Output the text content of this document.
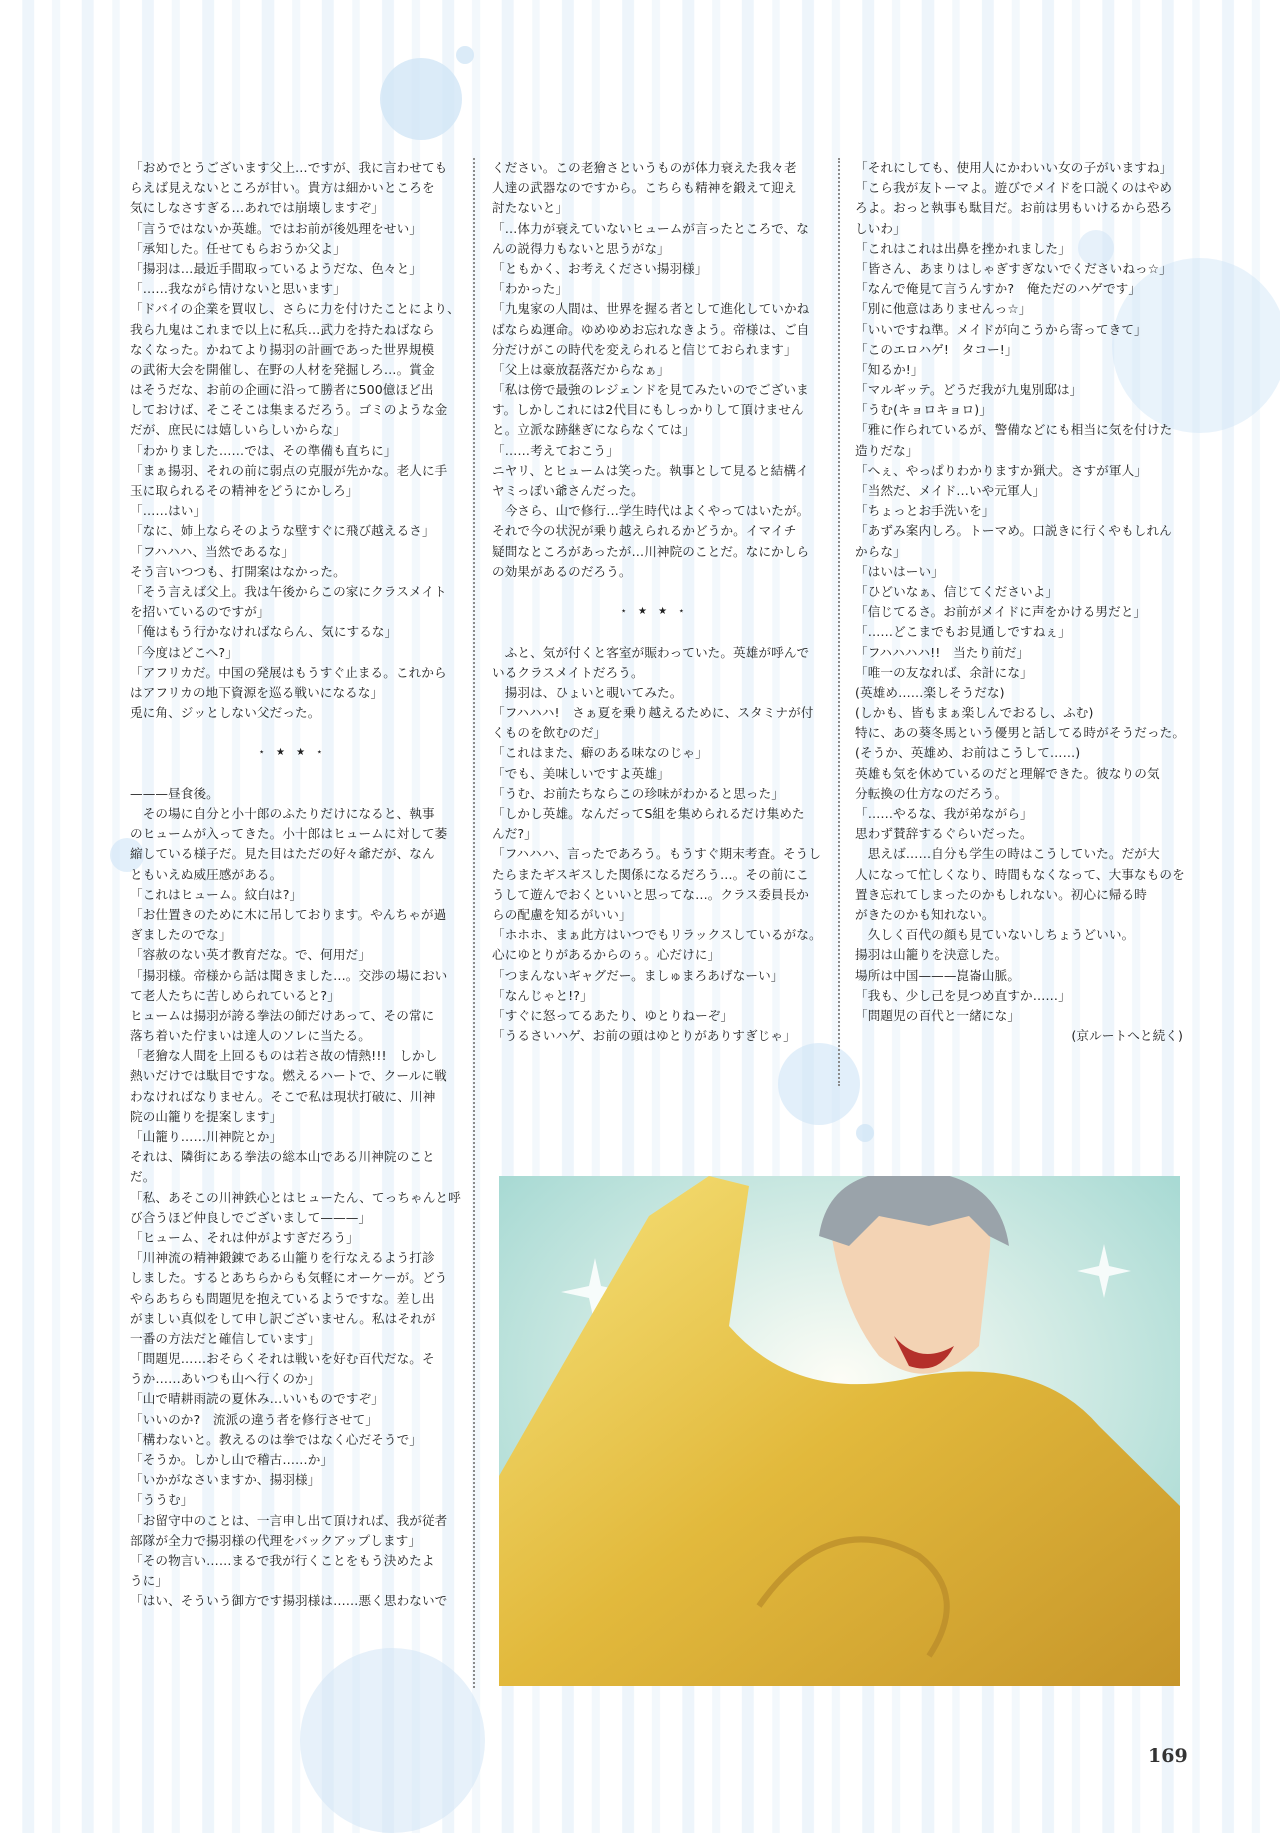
「おめでとうございます父上…ですが、我に言わせても
らえば見えないところが甘い。貴方は細かいところを
気にしなさすぎる…あれでは崩壊しますぞ」
「言うではないか英雄。ではお前が後処理をせい」
「承知した。任せてもらおうか父よ」
「揚羽は…最近手間取っているようだな、色々と」
「……我ながら情けないと思います」
「ドバイの企業を買収し、さらに力を付けたことにより、
我ら九鬼はこれまで以上に私兵…武力を持たねばなら
なくなった。かねてより揚羽の計画であった世界規模
の武術大会を開催し、在野の人材を発掘しろ…。賞金
はそうだな、お前の企画に沿って勝者に500億ほど出
しておけば、そこそこは集まるだろう。ゴミのような金
だが、庶民には嬉しいらしいからな」
「わかりました……では、その準備も直ちに」
「まぁ揚羽、それの前に弱点の克服が先かな。老人に手
玉に取られるその精神をどうにかしろ」
「……はい」
「なに、姉上ならそのような壁すぐに飛び越えるさ」
「フハハハ、当然であるな」
そう言いつつも、打開案はなかった。
「そう言えば父上。我は午後からこの家にクラスメイト
を招いているのですが」
「俺はもう行かなければならん、気にするな」
「今度はどこへ?」
「アフリカだ。中国の発展はもうすぐ止まる。これから
はアフリカの地下資源を巡る戦いになるな」
兎に角、ジッとしない父だった。
⋆ ★ ★ ⋆
———昼食後。
　その場に自分と小十郎のふたりだけになると、執事
のヒュームが入ってきた。小十郎はヒュームに対して萎
縮している様子だ。見た目はただの好々爺だが、なん
ともいえぬ威圧感がある。
「これはヒューム。紋白は?」
「お仕置きのために木に吊しております。やんちゃが過
ぎましたのでな」
「容赦のない英才教育だな。で、何用だ」
「揚羽様。帝様から話は聞きました…。交渉の場におい
て老人たちに苦しめられていると?」
ヒュームは揚羽が誇る拳法の師だけあって、その常に
落ち着いた佇まいは達人のソレに当たる。
「老獪な人間を上回るものは若さ故の情熱!!!　しかし
熱いだけでは駄目ですな。燃えるハートで、クールに戦
わなければなりません。そこで私は現状打破に、川神
院の山籠りを提案します」
「山籠り……川神院とか」
それは、隣街にある拳法の総本山である川神院のこと
だ。
「私、あそこの川神鉄心とはヒューたん、てっちゃんと呼
び合うほど仲良しでございまして———」
「ヒューム、それは仲がよすぎだろう」
「川神流の精神鍛錬である山籠りを行なえるよう打診
しました。するとあちらからも気軽にオーケーが。どう
やらあちらも問題児を抱えているようですな。差し出
がましい真似をして申し訳ございません。私はそれが
一番の方法だと確信しています」
「問題児……おそらくそれは戦いを好む百代だな。そ
うか……あいつも山へ行くのか」
「山で晴耕雨読の夏休み…いいものですぞ」
「いいのか?　流派の違う者を修行させて」
「構わないと。教えるのは拳ではなく心だそうで」
「そうか。しかし山で稽古……か」
「いかがなさいますか、揚羽様」
「ううむ」
「お留守中のことは、一言申し出て頂ければ、我が従者
部隊が全力で揚羽様の代理をバックアップします」
「その物言い……まるで我が行くことをもう決めたよ
うに」
「はい、そういう御方です揚羽様は……悪く思わないで
ください。この老獪さというものが体力衰えた我々老
人達の武器なのですから。こちらも精神を鍛えて迎え
討たないと」
「…体力が衰えていないヒュームが言ったところで、な
んの説得力もないと思うがな」
「ともかく、お考えください揚羽様」
「わかった」
「九鬼家の人間は、世界を握る者として進化していかね
ばならぬ運命。ゆめゆめお忘れなきよう。帝様は、ご自
分だけがこの時代を変えられると信じておられます」
「父上は豪放磊落だからなぁ」
「私は傍で最強のレジェンドを見てみたいのでございま
す。しかしこれには2代目にもしっかりして頂けません
と。立派な跡継ぎにならなくては」
「……考えておこう」
ニヤリ、とヒュームは笑った。執事として見ると結構イ
ヤミっぽい爺さんだった。
　今さら、山で修行…学生時代はよくやってはいたが。
それで今の状況が乗り越えられるかどうか。イマイチ
疑問なところがあったが…川神院のことだ。なにかしら
の効果があるのだろう。
⋆ ★ ★ ⋆
　ふと、気が付くと客室が賑わっていた。英雄が呼んで
いるクラスメイトだろう。
　揚羽は、ひょいと覗いてみた。
「フハハハ!　さぁ夏を乗り越えるために、スタミナが付
くものを飲むのだ」
「これはまた、癖のある味なのじゃ」
「でも、美味しいですよ英雄」
「うむ、お前たちならこの珍味がわかると思った」
「しかし英雄。なんだってS組を集められるだけ集めた
んだ?」
「フハハハ、言ったであろう。もうすぐ期末考査。そうし
たらまたギスギスした関係になるだろう…。その前にこ
うして遊んでおくといいと思ってな…。クラス委員長か
らの配慮を知るがいい」
「ホホホ、まぁ此方はいつでもリラックスしているがな。
心にゆとりがあるからのぅ。心だけに」
「つまんないギャグだー。ましゅまろあげなーい」
「なんじゃと!?」
「すぐに怒ってるあたり、ゆとりねーぞ」
「うるさいハゲ、お前の頭はゆとりがありすぎじゃ」
「それにしても、使用人にかわいい女の子がいますね」
「こら我が友トーマよ。遊びでメイドを口説くのはやめ
ろよ。おっと執事も駄目だ。お前は男もいけるから恐ろ
しいわ」
「これはこれは出鼻を挫かれました」
「皆さん、あまりはしゃぎすぎないでくださいねっ☆」
「なんで俺見て言うんすか?　俺ただのハゲです」
「別に他意はありませんっ☆」
「いいですね準。メイドが向こうから寄ってきて」
「このエロハゲ!　タコー!」
「知るか!」
「マルギッテ。どうだ我が九鬼別邸は」
「うむ(キョロキョロ)」
「雅に作られているが、警備などにも相当に気を付けた
造りだな」
「へぇ、やっぱりわかりますか猟犬。さすが軍人」
「当然だ、メイド…いや元軍人」
「ちょっとお手洗いを」
「あずみ案内しろ。トーマめ。口説きに行くやもしれん
からな」
「はいはーい」
「ひどいなぁ、信じてくださいよ」
「信じてるさ。お前がメイドに声をかける男だと」
「……どこまでもお見通しですねぇ」
「フハハハハ!!　当たり前だ」
「唯一の友なれば、余計にな」
(英雄め……楽しそうだな)
(しかも、皆もまぁ楽しんでおるし、ふむ)
特に、あの葵冬馬という優男と話してる時がそうだった。
(そうか、英雄め、お前はこうして……)
英雄も気を休めているのだと理解できた。彼なりの気
分転換の仕方なのだろう。
「……やるな、我が弟ながら」
思わず賛辞するぐらいだった。
　思えば……自分も学生の時はこうしていた。だが大
人になって忙しくなり、時間もなくなって、大事なものを
置き忘れてしまったのかもしれない。初心に帰る時
がきたのかも知れない。
　久しく百代の顔も見ていないしちょうどいい。
揚羽は山籠りを決意した。
場所は中国———崑崙山脈。
「我も、少し己を見つめ直すか……」
「問題児の百代と一緒にな」
(京ルートへと続く)
169
